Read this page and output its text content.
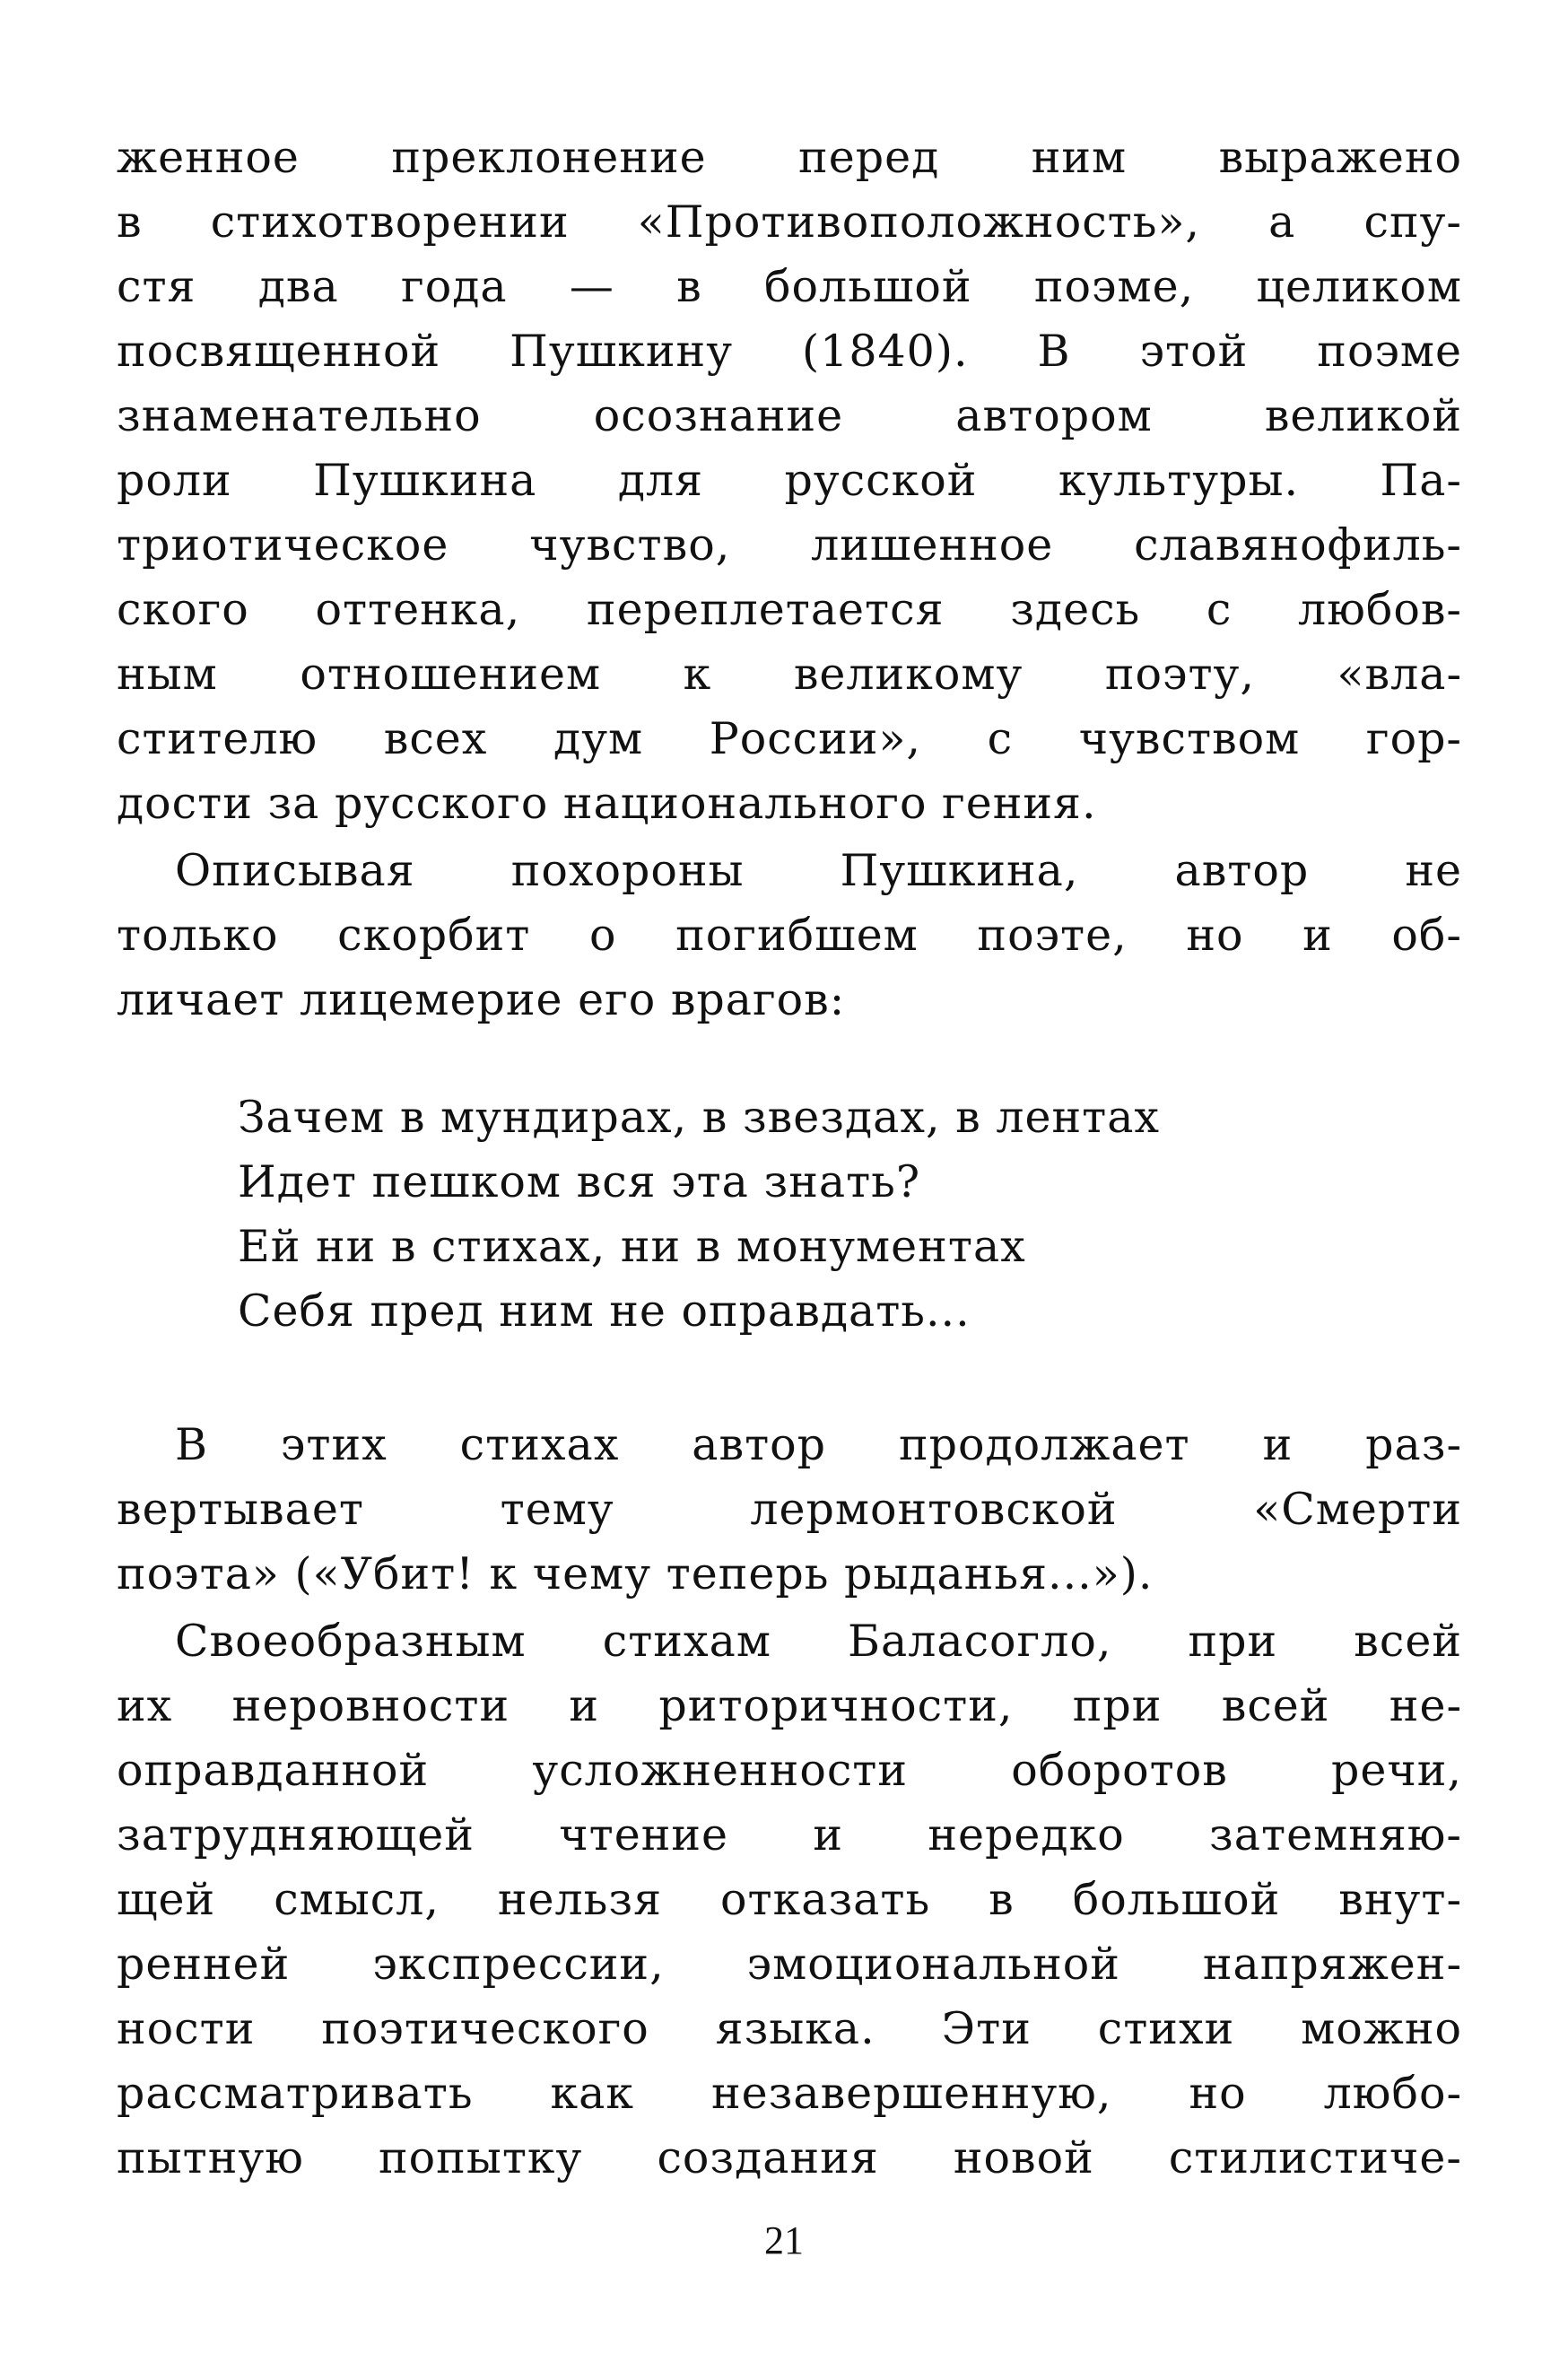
женное преклонение перед ним выражено
в стихотворении «Противоположность», а спу-
стя два года — в большой поэме, целиком
посвященной Пушкину (1840). В этой поэме
знаменательно осознание автором великой
роли Пушкина для русской культуры. Па-
триотическое чувство, лишенное славянофиль-
ского оттенка, переплетается здесь с любов-
ным отношением к великому поэту, «вла-
стителю всех дум России», с чувством гор-
дости за русского национального гения.
Описывая похороны Пушкина, автор не
только скорбит о погибшем поэте, но и об-
личает лицемерие его врагов:
Зачем в мундирах, в звездах, в лентах
Идет пешком вся эта знать?
Ей ни в стихах, ни в монументах
Себя пред ним не оправдать...
В этих стихах автор продолжает и раз-
вертывает тему лермонтовской «Смерти
поэта» («Убит! к чему теперь рыданья...»).
Своеобразным стихам Баласогло, при всей
их неровности и риторичности, при всей не-
оправданной усложненности оборотов речи,
затрудняющей чтение и нередко затемняю-
щей смысл, нельзя отказать в большой внут-
ренней экспрессии, эмоциональной напряжен-
ности поэтического языка. Эти стихи можно
рассматривать как незавершенную, но любо-
пытную попытку создания новой стилистиче-
21
